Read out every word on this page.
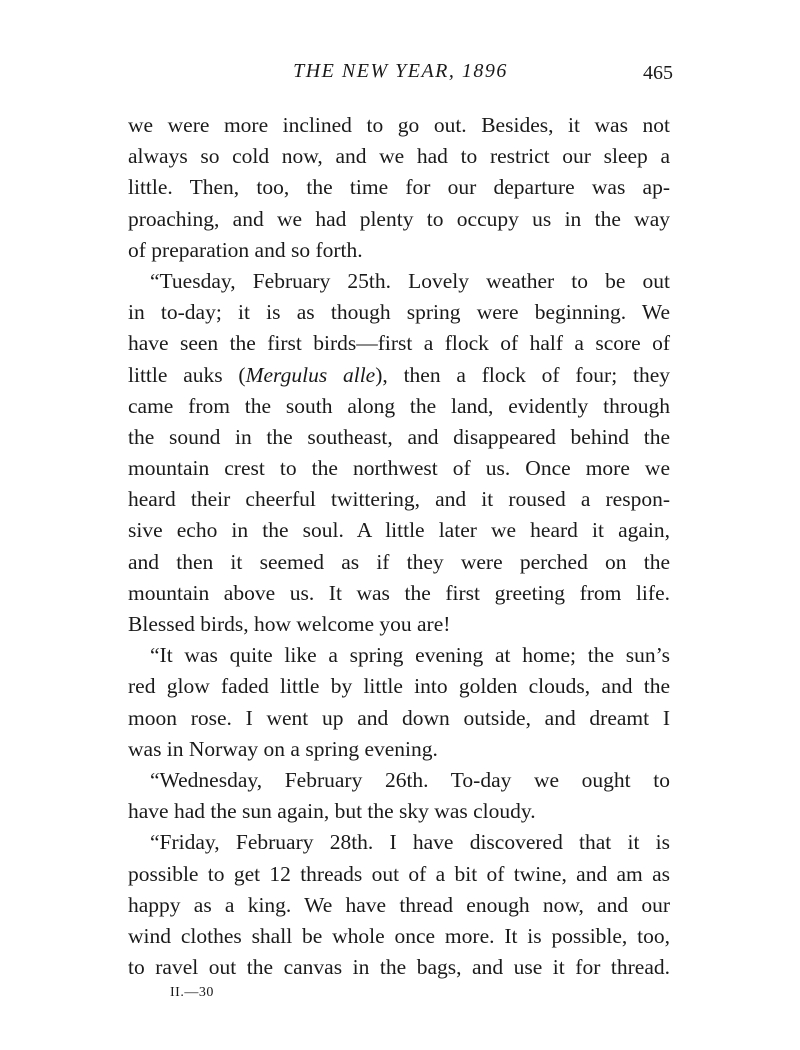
THE NEW YEAR, 1896	465
we were more inclined to go out. Besides, it was not
always so cold now, and we had to restrict our sleep a
little. Then, too, the time for our departure was ap-
proaching, and we had plenty to occupy us in the way
of preparation and so forth.
“Tuesday, February 25th. Lovely weather to be out
in to-day; it is as though spring were beginning. We
have seen the first birds—first a flock of half a score of
little auks (Mergulus alle), then a flock of four; they
came from the south along the land, evidently through
the sound in the southeast, and disappeared behind the
mountain crest to the northwest of us. Once more we
heard their cheerful twittering, and it roused a respon-
sive echo in the soul. A little later we heard it again,
and then it seemed as if they were perched on the
mountain above us. It was the first greeting from life.
Blessed birds, how welcome you are!
“It was quite like a spring evening at home; the sun’s
red glow faded little by little into golden clouds, and the
moon rose. I went up and down outside, and dreamt I
was in Norway on a spring evening.
“Wednesday, February 26th. To-day we ought to
have had the sun again, but the sky was cloudy.
“Friday, February 28th. I have discovered that it is
possible to get 12 threads out of a bit of twine, and am as
happy as a king. We have thread enough now, and our
wind clothes shall be whole once more. It is possible, too,
to ravel out the canvas in the bags, and use it for thread.
II.—30
